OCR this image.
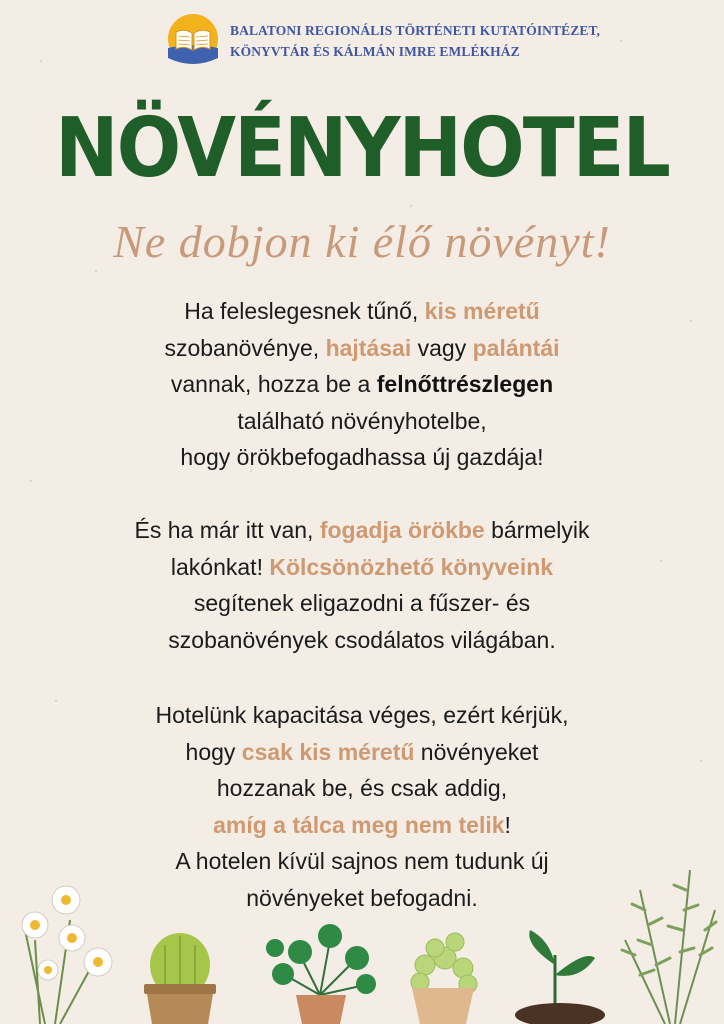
BALATONI REGIONÁLIS TÖRTÉNETI KUTATÓINTÉZET,
KÖNYVTÁR ÉS KÁLMÁN IMRE EMLÉKHÁZ
NÖVÉNYHOTEL
Ne dobjon ki élő növényt!
Ha feleslegesnek tűnő, kis méretű
szobanövénye, hajtásai vagy palántái
vannak, hozza be a felnőttrészlegen
található növényhotelbe,
hogy örökbefogadhassa új gazdája!
És ha már itt van, fogadja örökbe bármelyik
lakónkat! Kölcsönözhető könyveink
segítenek eligazodni a fűszer- és
szobanövények csodálatos világában.
Hotelünk kapacitása véges, ezért kérjük,
hogy csak kis méretű növényeket
hozzanak be, és csak addig,
amíg a tálca meg nem telik!
A hotelen kívül sajnos nem tudunk új
növényeket befogadni.
